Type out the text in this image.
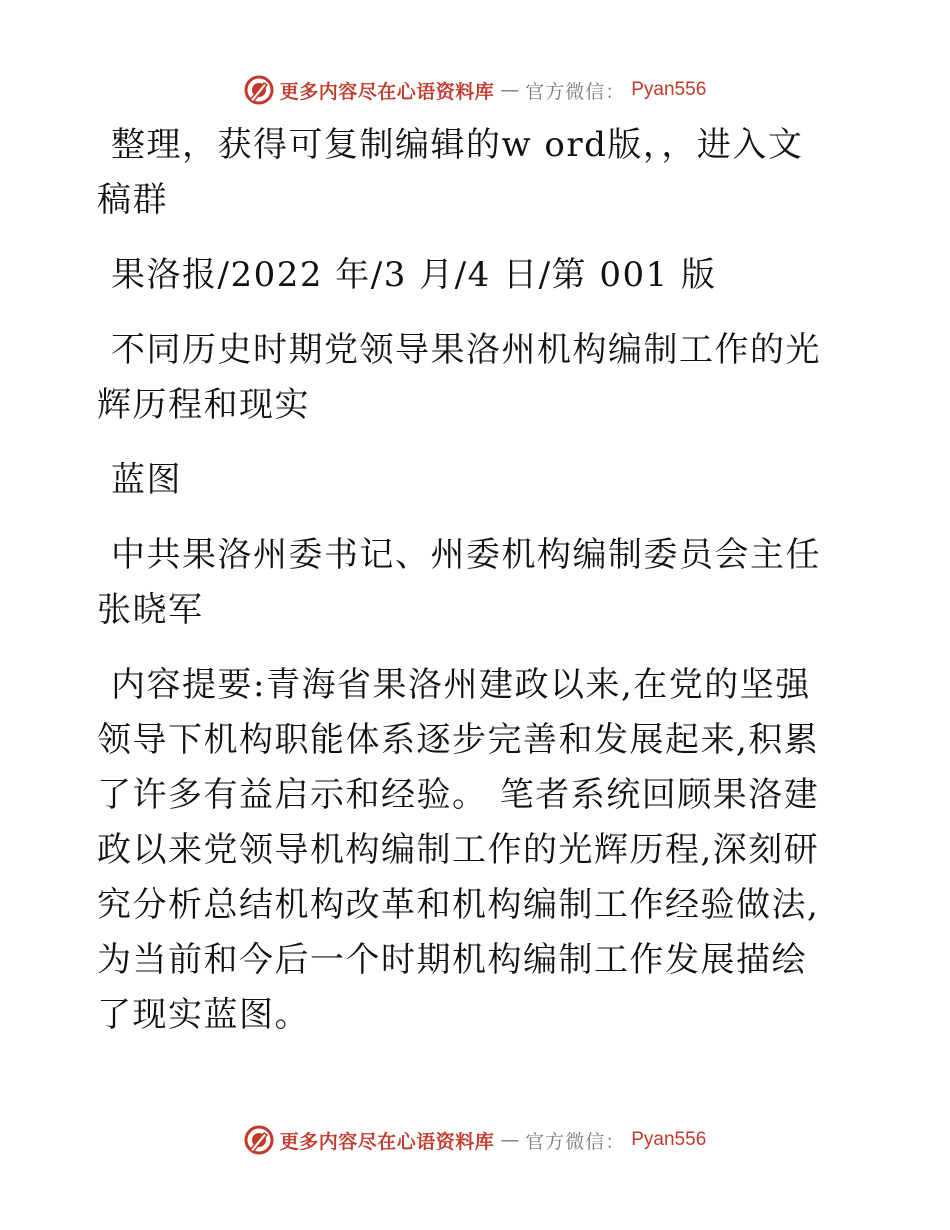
更多内容尽在心语资料库 — 官方微信： Pyan556

整理，获得可复制编辑的w ord版，，进入文稿群

果洛报/2022 年/3 月/4 日/第 001 版

不同历史时期党领导果洛州机构编制工作的光辉历程和现实

蓝图

中共果洛州委书记、州委机构编制委员会主任张晓军

内容提要:青海省果洛州建政以来,在党的坚强领导下机构职能体系逐步完善和发展起来,积累了许多有益启示和经验。 笔者系统回顾果洛建政以来党领导机构编制工作的光辉历程,深刻研究分析总结机构改革和机构编制工作经验做法,为当前和今后一个时期机构编制工作发展描绘了现实蓝图。

更多内容尽在心语资料库 — 官方微信： Pyan556
